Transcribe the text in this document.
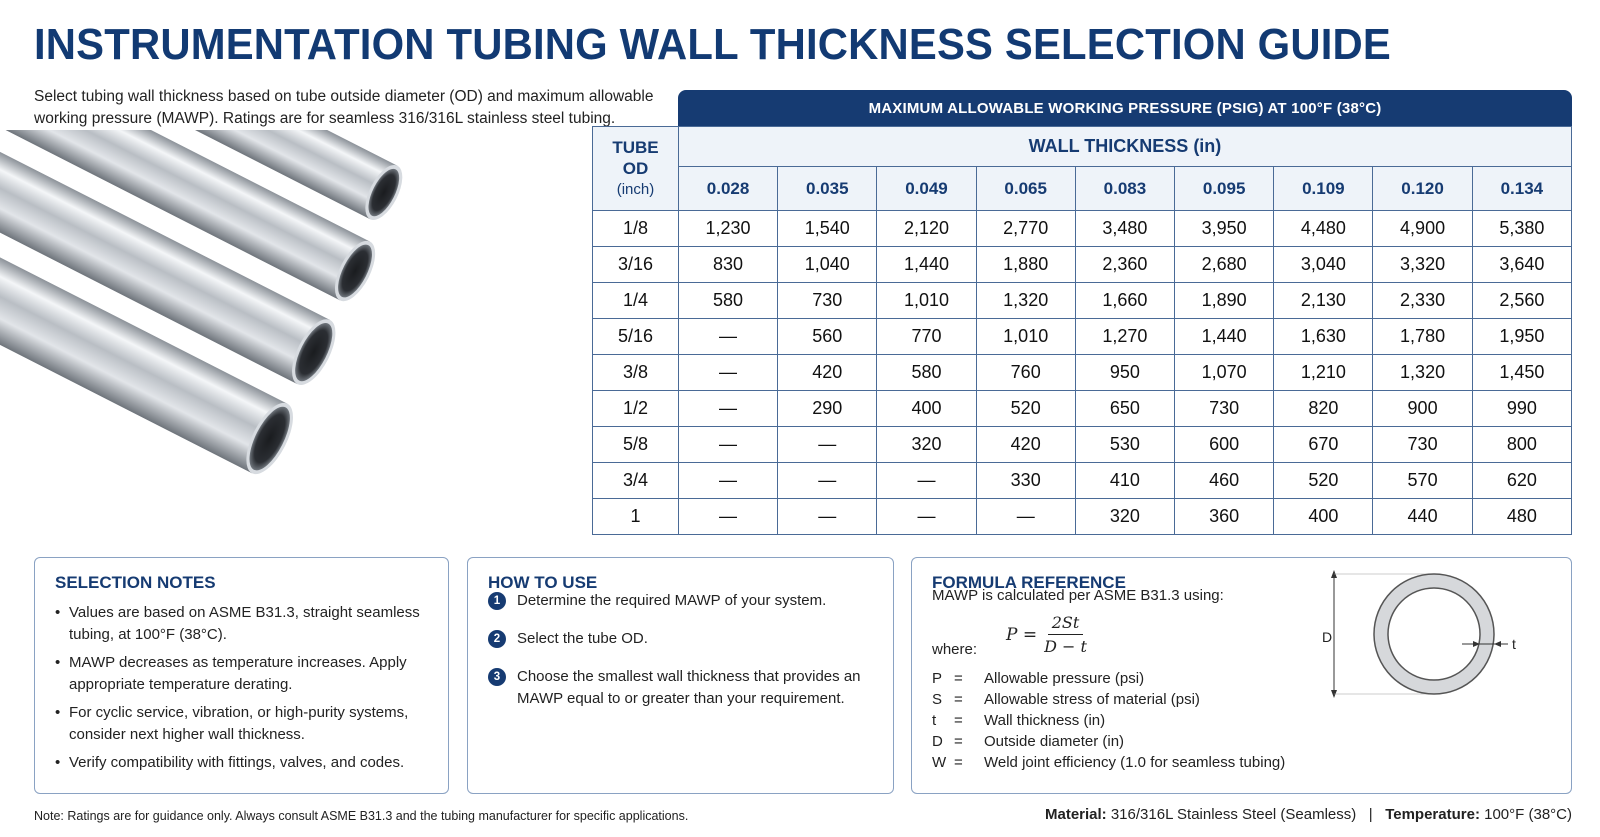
INSTRUMENTATION TUBING WALL THICKNESS SELECTION GUIDE
Select tubing wall thickness based on tube outside diameter (OD) and maximum allowable working pressure (MAWP). Ratings are for seamless 316/316L stainless steel tubing.
MAXIMUM ALLOWABLE WORKING PRESSURE (PSIG) AT 100°F (38°C)
TUBE
OD
(inch)	WALL THICKNESS (in)								
	0.028	0.035	0.049	0.065	0.083	0.095	0.109	0.120	0.134
1/8	1,230	1,540	2,120	2,770	3,480	3,950	4,480	4,900	5,380
3/16	830	1,040	1,440	1,880	2,360	2,680	3,040	3,320	3,640
1/4	580	730	1,010	1,320	1,660	1,890	2,130	2,330	2,560
5/16	—	560	770	1,010	1,270	1,440	1,630	1,780	1,950
3/8	—	420	580	760	950	1,070	1,210	1,320	1,450
1/2	—	290	400	520	650	730	820	900	990
5/8	—	—	320	420	530	600	670	730	800
3/4	—	—	—	330	410	460	520	570	620
1	—	—	—	—	320	360	400	440	480
SELECTION NOTES
• Values are based on ASME B31.3, straight seamless tubing, at 100°F (38°C).
• MAWP decreases as temperature increases. Apply appropriate temperature derating.
• For cyclic service, vibration, or high-purity systems, consider next higher wall thickness.
• Verify compatibility with fittings, valves, and codes.
HOW TO USE
1	Determine the required MAWP of your system.
2	Select the tube OD.
3	Choose the smallest wall thickness that provides an MAWP equal to or greater than your requirement.
FORMULA REFERENCE
MAWP is calculated per ASME B31.3 using:
$P = \frac{2St}{D - t}$
where:
P =	Allowable pressure (psi)
S =	Allowable stress of material (psi)
t	=	Wall thickness (in)
D =	Outside diameter (in)
W =	Weld joint efficiency (1.0 for seamless tubing)
D	t
Note: Ratings are for guidance only. Always consult ASME B31.3 and the tubing manufacturer for specific applications.	Material: 316/316L Stainless Steel (Seamless) | Temperature: 100°F (38°C)
